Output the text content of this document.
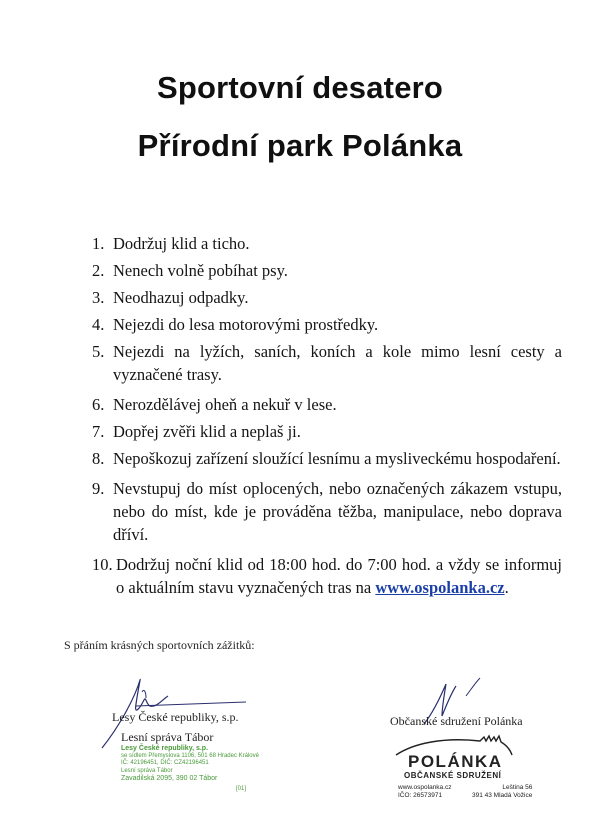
Sportovní desatero
Přírodní park Polánka
1. Dodržuj klid a ticho.
2. Nenech volně pobíhat psy.
3. Neodhazuj odpadky.
4. Nejezdi do lesa motorovými prostředky.
5. Nejezdi na lyžích, saních, koních a kole mimo lesní cesty a vyznačené trasy.
6. Nerozdělávej oheň a nekuř v lese.
7. Dopřej zvěři klid a neplaš ji.
8. Nepoškozuj zařízení sloužící lesnímu a mysliveckému hospodaření.
9. Nevstupuj do míst oplocených, nebo označených zákazem vstupu, nebo do míst, kde je prováděna těžba, manipulace, nebo doprava dříví.
10. Dodržuj noční klid od 18:00 hod. do 7:00 hod. a vždy se informuj o aktuálním stavu vyznačených tras na www.ospolanka.cz.
S přáním krásných sportovních zážitků:
Lesy České republiky, s.p.
Lesní správa Tábor
Lesy České republiky, s.p.
se sídlem Přemyslova 1106, 501 68 Hradec Králové
IČ: 42196451, DIČ: CZ42196451
Lesní správa Tábor
Zavadilská 2095, 390 02 Tábor
[01]
Občanské sdružení Polánka
POLÁNKA
OBČANSKÉ SDRUŽENÍ
www.ospolanka.cz
IČO: 26573971
Leština 56
391 43 Mladá Vožice
